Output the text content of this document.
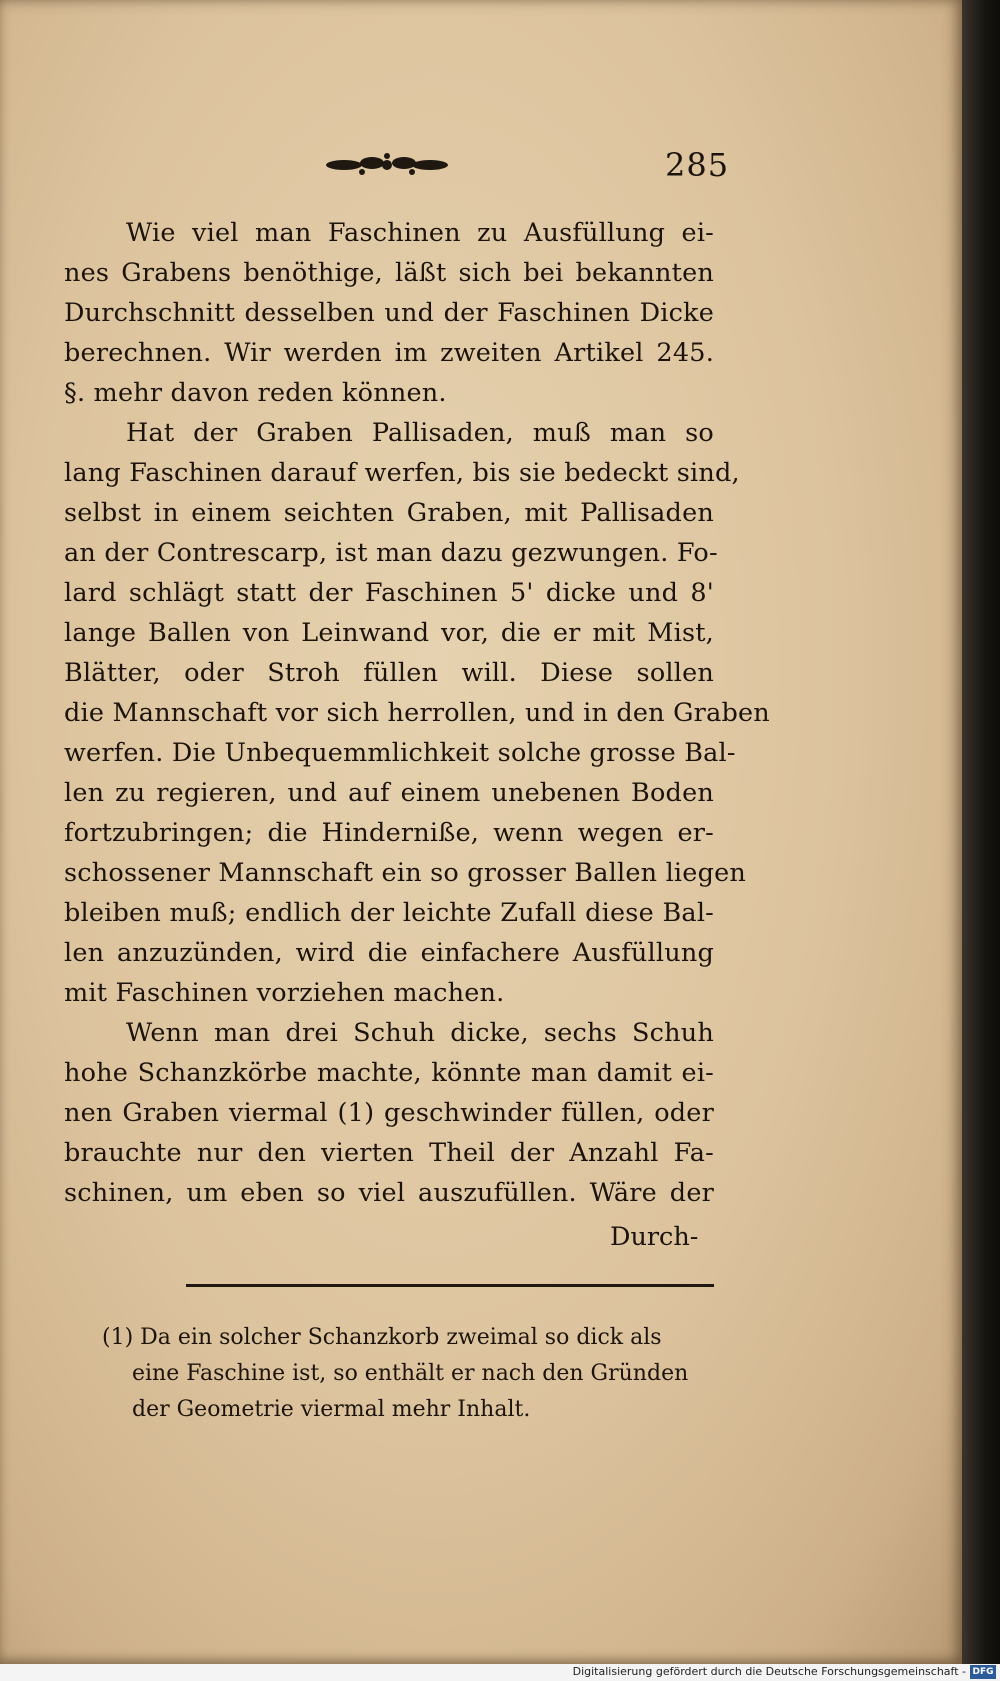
285
Wie viel man Faschinen zu Ausfüllung ei-
nes Grabens benöthige, läßt sich bei bekannten
Durchschnitt desselben und der Faschinen Dicke
berechnen. Wir werden im zweiten Artikel 245.
§. mehr davon reden können.
Hat der Graben Pallisaden, muß man so
lang Faschinen darauf werfen, bis sie bedeckt sind,
selbst in einem seichten Graben, mit Pallisaden
an der Contrescarp, ist man dazu gezwungen. Fo-
lard schlägt statt der Faschinen 5' dicke und 8'
lange Ballen von Leinwand vor, die er mit Mist,
Blätter, oder Stroh füllen will. Diese sollen
die Mannschaft vor sich herrollen, und in den Graben
werfen. Die Unbequemmlichkeit solche grosse Bal-
len zu regieren, und auf einem unebenen Boden
fortzubringen; die Hinderniße, wenn wegen er-
schossener Mannschaft ein so grosser Ballen liegen
bleiben muß; endlich der leichte Zufall diese Bal-
len anzuzünden, wird die einfachere Ausfüllung
mit Faschinen vorziehen machen.
Wenn man drei Schuh dicke, sechs Schuh
hohe Schanzkörbe machte, könnte man damit ei-
nen Graben viermal (1) geschwinder füllen, oder
brauchte nur den vierten Theil der Anzahl Fa-
schinen, um eben so viel auszufüllen. Wäre der
Durch-
(1) Da ein solcher Schanzkorb zweimal so dick als
eine Faschine ist, so enthält er nach den Gründen
der Geometrie viermal mehr Inhalt.
Digitalisierung gefördert durch die Deutsche Forschungsgemeinschaft - DFG
